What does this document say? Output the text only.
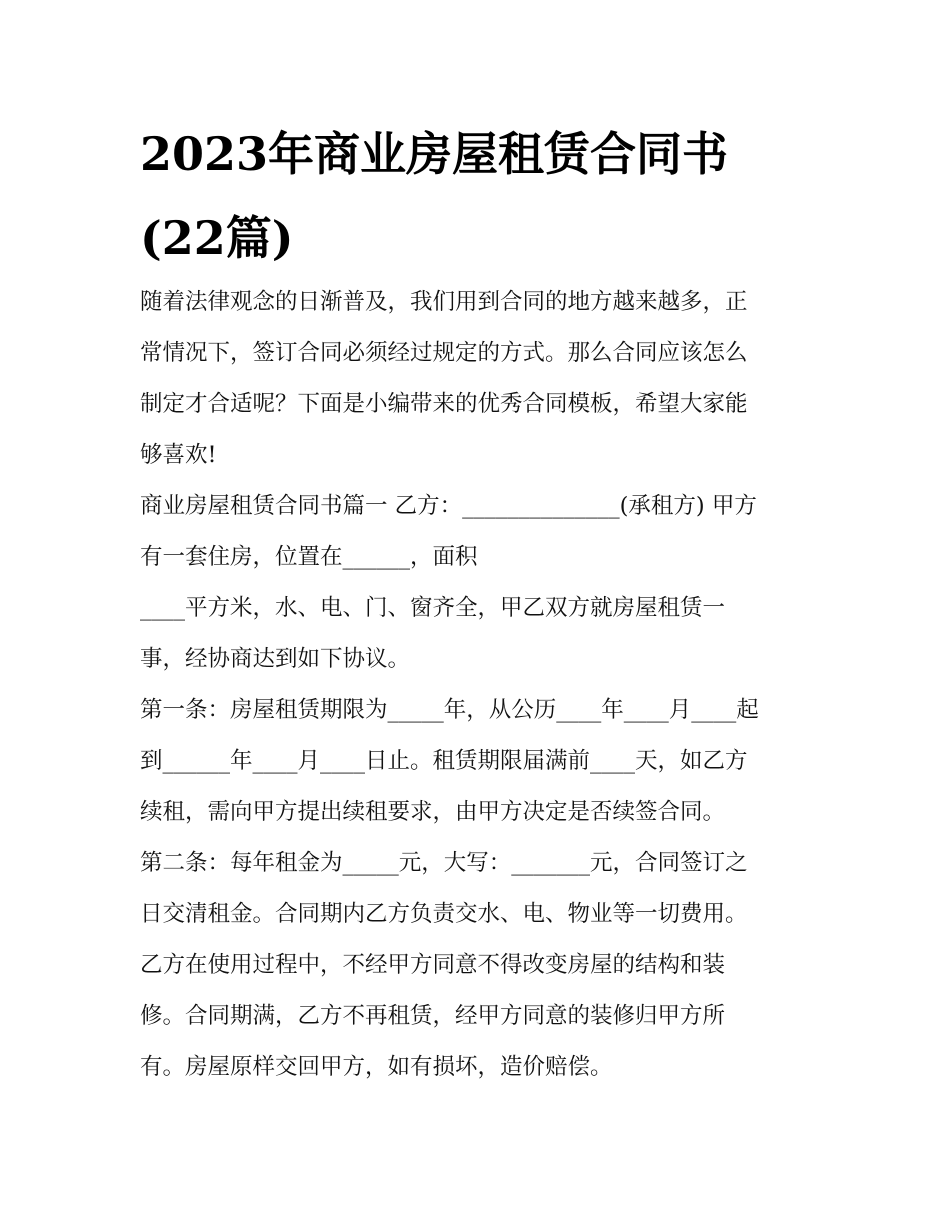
2023年商业房屋租赁合同书
(22篇)
随着法律观念的日渐普及，我们用到合同的地方越来越多，正
常情况下，签订合同必须经过规定的方式。那么合同应该怎么
制定才合适呢？下面是小编带来的优秀合同模板，希望大家能
够喜欢!
商业房屋租赁合同书篇一 乙方：______________(承租方) 甲方
有一套住房，位置在______，面积
____平方米，水、电、门、窗齐全，甲乙双方就房屋租赁一
事，经协商达到如下协议。
第一条：房屋租赁期限为_____年，从公历____年____月____起
到______年____月____日止。租赁期限届满前____天，如乙方
续租，需向甲方提出续租要求，由甲方决定是否续签合同。
第二条：每年租金为_____元，大写：_______元，合同签订之
日交清租金。合同期内乙方负责交水、电、物业等一切费用。
乙方在使用过程中，不经甲方同意不得改变房屋的结构和装
修。合同期满，乙方不再租赁，经甲方同意的装修归甲方所
有。房屋原样交回甲方，如有损坏，造价赔偿。
